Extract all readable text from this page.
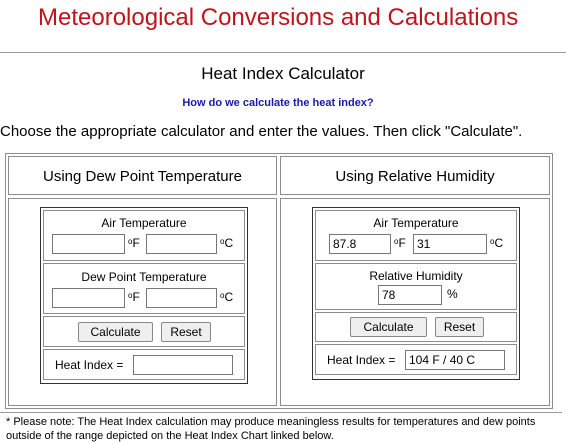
Meteorological Conversions and Calculations
Heat Index Calculator
How do we calculate the heat index?
Choose the appropriate calculator and enter the values. Then click "Calculate".
Using Dew Point Temperature	Using Relative Humidity
Air Temperature
$^o$F	$^o$C
Dew Point Temperature
$^o$F	$^o$C
Calculate	Reset
Heat Index =
Air Temperature
87.8
$^o$F
31	$^o$C
Relative Humidity
78
%
Calculate	Reset
Heat Index =
104 F / 40 C
* Please note: The Heat Index calculation may produce meaningless results for temperatures and dew points outside of the range depicted on the Heat Index Chart linked below.
